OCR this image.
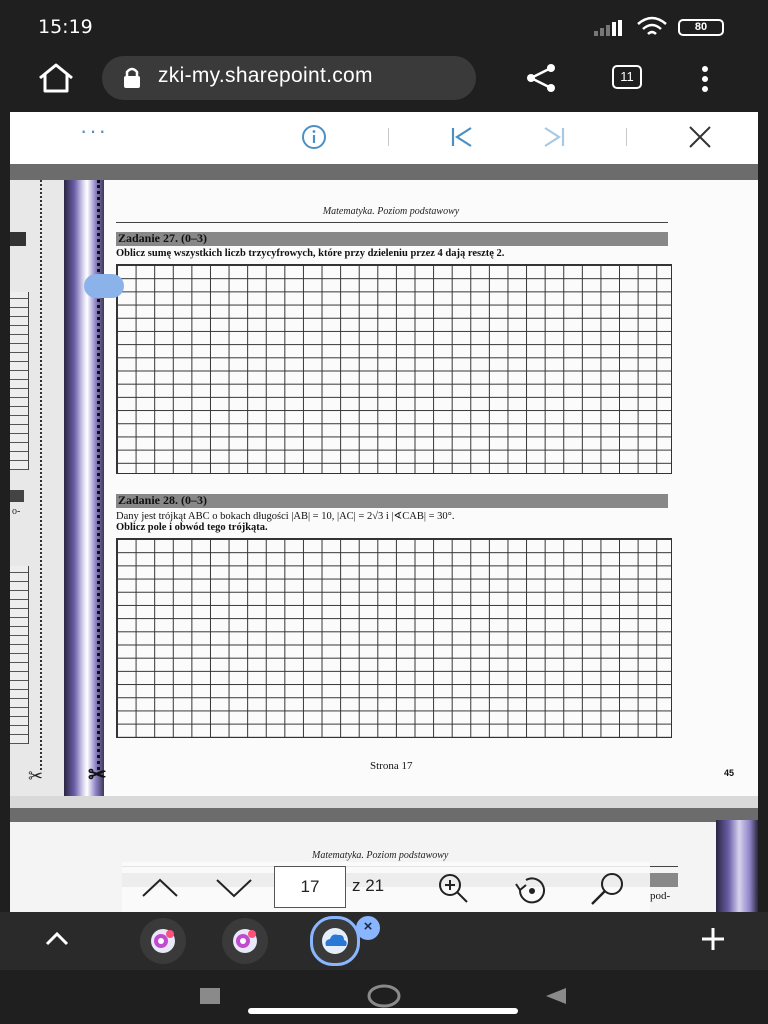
15:19	80
zki-my.sharepoint.com	11
···
o-
✂ ✂
Matematyka. Poziom podstawowy
Zadanie 27. (0–3)
Oblicz sumę wszystkich liczb trzycyfrowych, które przy dzieleniu przez 4 dają resztę 2.
Zadanie 28. (0–3)
Dany jest trójkąt ABC o bokach długości |AB| = 10, |AC| = 2√3 i |∢CAB| = 30°.
Oblicz pole i obwód tego trójkąta.
Strona 17
45
Matematyka. Poziom podstawowy
pod-
17	z 21
×
